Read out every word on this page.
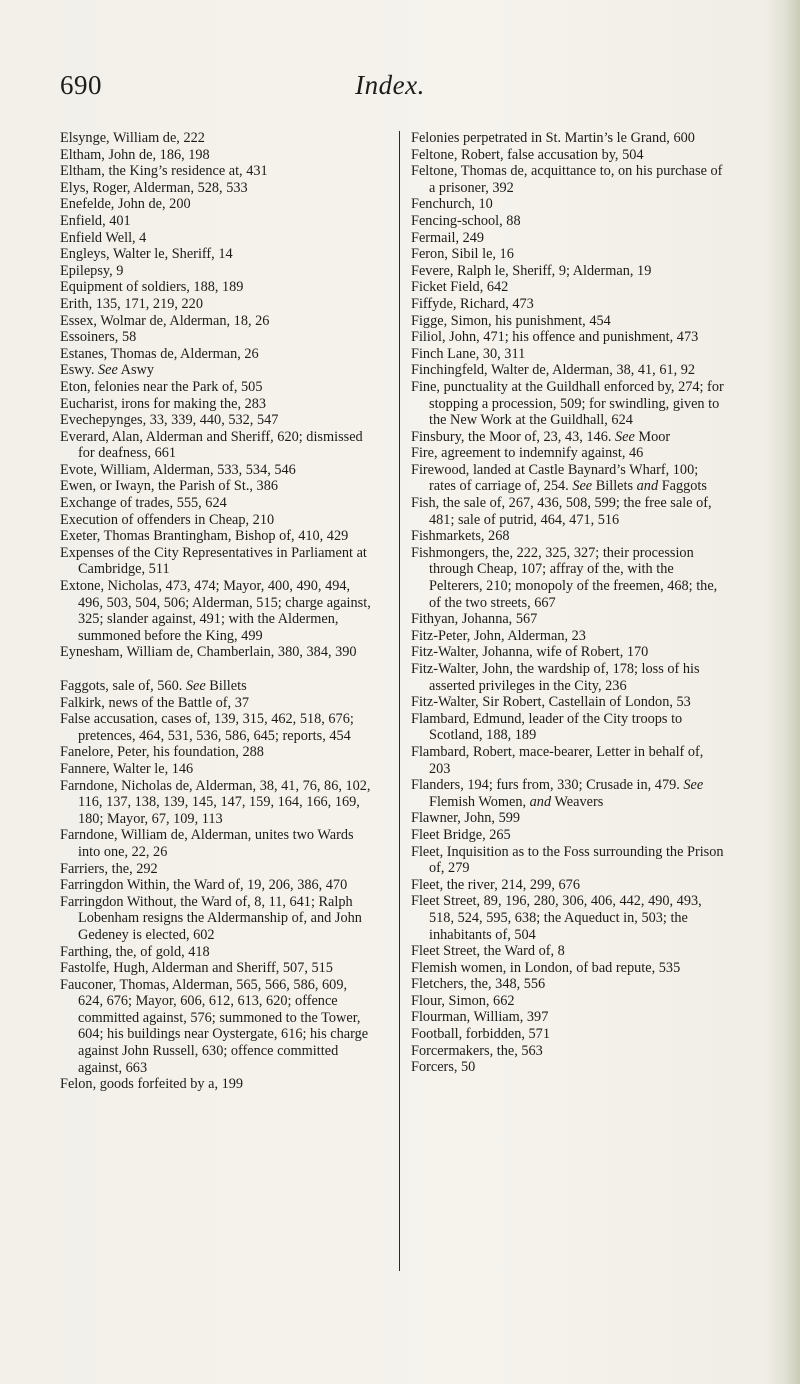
690	Index.

Elsynge, William de, 222

Eltham, John de, 186, 198

Eltham, the King’s residence at, 431

Elys, Roger, Alderman, 528, 533

Enefelde, John de, 200

Enfield, 401

Enfield Well, 4

Engleys, Walter le, Sheriff, 14

Epilepsy, 9

Equipment of soldiers, 188, 189

Erith, 135, 171, 219, 220

Essex, Wolmar de, Alderman, 18, 26

Essoiners, 58

Estanes, Thomas de, Alderman, 26

Eswy. See Aswy

Eton, felonies near the Park of, 505

Eucharist, irons for making the, 283

Evechepynges, 33, 339, 440, 532, 547

Everard, Alan, Alderman and Sheriff, 620; dismissed for deafness, 661

Evote, William, Alderman, 533, 534, 546

Ewen, or Iwayn, the Parish of St., 386

Exchange of trades, 555, 624

Execution of offenders in Cheap, 210

Exeter, Thomas Brantingham, Bishop of, 410, 429

Expenses of the City Representatives in Parliament at Cambridge, 511

Extone, Nicholas, 473, 474; Mayor, 400, 490, 494, 496, 503, 504, 506; Alderman, 515; charge against, 325; slander against, 491; with the Aldermen, summoned before the King, 499

Eynesham, William de, Chamberlain, 380, 384, 390

Faggots, sale of, 560. See Billets

Falkirk, news of the Battle of, 37

False accusation, cases of, 139, 315, 462, 518, 676; pretences, 464, 531, 536, 586, 645; reports, 454

Fanelore, Peter, his foundation, 288

Fannere, Walter le, 146

Farndone, Nicholas de, Alderman, 38, 41, 76, 86, 102, 116, 137, 138, 139, 145, 147, 159, 164, 166, 169, 180; Mayor, 67, 109, 113

Farndone, William de, Alderman, unites two Wards into one, 22, 26

Farriers, the, 292

Farringdon Within, the Ward of, 19, 206, 386, 470

Farringdon Without, the Ward of, 8, 11, 641; Ralph Lobenham resigns the Aldermanship of, and John Gedeney is elected, 602

Farthing, the, of gold, 418

Fastolfe, Hugh, Alderman and Sheriff, 507, 515

Fauconer, Thomas, Alderman, 565, 566, 586, 609, 624, 676; Mayor, 606, 612, 613, 620; offence committed against, 576; summoned to the Tower, 604; his buildings near Oystergate, 616; his charge against John Russell, 630; offence committed against, 663

Felon, goods forfeited by a, 199

Felonies perpetrated in St. Martin’s le Grand, 600

Feltone, Robert, false accusation by, 504

Feltone, Thomas de, acquittance to, on his purchase of a prisoner, 392

Fenchurch, 10

Fencing-school, 88

Fermail, 249

Feron, Sibil le, 16

Fevere, Ralph le, Sheriff, 9; Alderman, 19

Ficket Field, 642

Fiffyde, Richard, 473

Figge, Simon, his punishment, 454

Filiol, John, 471; his offence and punishment, 473

Finch Lane, 30, 311

Finchingfeld, Walter de, Alderman, 38, 41, 61, 92

Fine, punctuality at the Guildhall enforced by, 274; for stopping a procession, 509; for swindling, given to the New Work at the Guildhall, 624

Finsbury, the Moor of, 23, 43, 146. See Moor

Fire, agreement to indemnify against, 46

Firewood, landed at Castle Baynard’s Wharf, 100; rates of carriage of, 254. See Billets and Faggots

Fish, the sale of, 267, 436, 508, 599; the free sale of, 481; sale of putrid, 464, 471, 516

Fishmarkets, 268

Fishmongers, the, 222, 325, 327; their procession through Cheap, 107; affray of the, with the Pelterers, 210; monopoly of the freemen, 468; the, of the two streets, 667

Fithyan, Johanna, 567

Fitz-Peter, John, Alderman, 23

Fitz-Walter, Johanna, wife of Robert, 170

Fitz-Walter, John, the wardship of, 178; loss of his asserted privileges in the City, 236

Fitz-Walter, Sir Robert, Castellain of London, 53

Flambard, Edmund, leader of the City troops to Scotland, 188, 189

Flambard, Robert, mace-bearer, Letter in behalf of, 203

Flanders, 194; furs from, 330; Crusade in, 479. See Flemish Women, and Weavers

Flawner, John, 599

Fleet Bridge, 265

Fleet, Inquisition as to the Foss surrounding the Prison of, 279

Fleet, the river, 214, 299, 676

Fleet Street, 89, 196, 280, 306, 406, 442, 490, 493, 518, 524, 595, 638; the Aqueduct in, 503; the inhabitants of, 504

Fleet Street, the Ward of, 8

Flemish women, in London, of bad repute, 535

Fletchers, the, 348, 556

Flour, Simon, 662

Flourman, William, 397

Football, forbidden, 571

Forcermakers, the, 563

Forcers, 50
